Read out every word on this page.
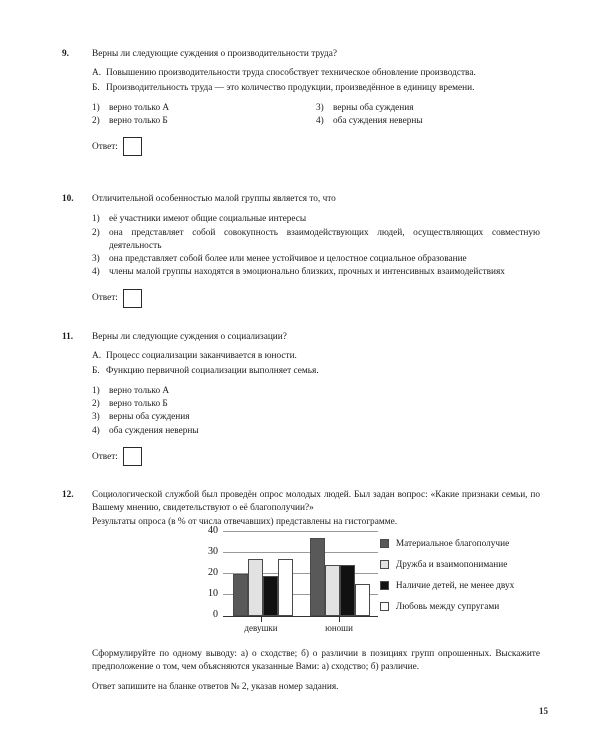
9.	Верны ли следующие суждения о производительности труда?
А. Повышению производительности труда способствует техническое обновление производства.
Б. Производительность труда — это количество продукции, произведённое в единицу времени.
1) верно только А
2) верно только Б
3) верны оба суждения
4) оба суждения неверны
Ответ:
10.	Отличительной особенностью малой группы является то, что
1) её участники имеют общие социальные интересы
2) она представляет собой совокупность взаимодействующих людей, осуществляющих совместную деятельность
3) она представляет собой более или менее устойчивое и целостное социальное образование
4) члены малой группы находятся в эмоционально близких, прочных и интенсивных взаимодействиях
Ответ:
11.	Верны ли следующие суждения о социализации?
А. Процесс социализации заканчивается в юности.
Б. Функцию первичной социализации выполняет семья.
1) верно только А
2) верно только Б
3) верны оба суждения
4) оба суждения неверны
Ответ:
12.	Социологической службой был проведён опрос молодых людей. Был задан вопрос: «Какие признаки семьи, по Вашему мнению, свидетельствуют о её благополучии?»
Результаты опроса (в % от числа отвечавших) представлены на гистограмме.
40
30
20
10
0
девушки	юноши
Материальное благополучие
Дружба и взаимопонимание
Наличие детей, не менее двух
Любовь между супругами

Сформулируйте по одному выводу: а) о сходстве; б) о различии в позициях групп опрошенных. Выскажите предположение о том, чем объясняются указанные Вами: а) сходство; б) различие.

Ответ запишите на бланке ответов № 2, указав номер задания.

15
